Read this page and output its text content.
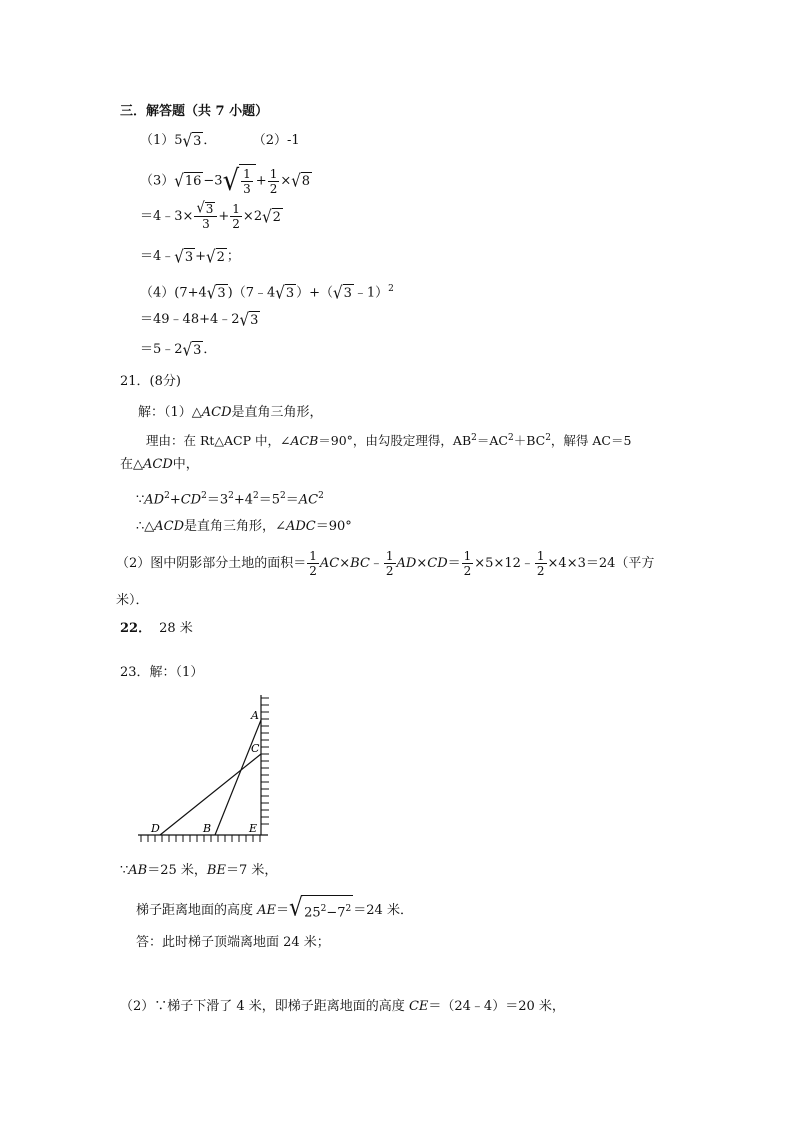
三．解答题（共 7 小题）
（1）5 √ 3 ．	（2）-1
（3） √ 16 −3 √ $\frac{1}{3} + \frac{1}{2}$ × √ 8
＝4﹣3× $\frac{√ 3}{3} + \frac{1}{2} \times 2$ √ 2
＝4﹣ √ 3 + √ 2 ；
（4）(7+4 √ 3 )（7﹣4 √ 3 ）+（ √ 3 ﹣1）$^2$
＝49﹣48+4﹣2 √ 3
＝5﹣2 √ 3 ．
21．(8分)
解：（1）△ACD是直角三角形，
理由：在 Rt△ACP 中，∠ACB＝90°，由勾股定理得，$AB^2=AC^2+BC^2$，解得 AC＝5
在△ACD中，
$\because AD^2+CD^2=3^2+4^2=5^2=AC^2$
∴△ACD是直角三角形，∠ADC＝90°
（2）图中阴影部分土地的面积＝ $\frac{1}{2}$ AC×BC﹣ $\frac{1}{2} AD\times CD= \frac{1}{2}$ ×5×12﹣ $\frac{1}{2} \times 4\times 3=24$（平方
米）．
22． 28 米
23．解：（1）
A
C
D	B	E
∵AB＝25 米，BE＝7 米，
梯子距离地面的高度 AE＝ √ $25^2-7^2 =24$ 米．
答：此时梯子顶端离地面 24 米；
（2）∵梯子下滑了 4 米，即梯子距离地面的高度 CE＝（24﹣4）＝20 米，
